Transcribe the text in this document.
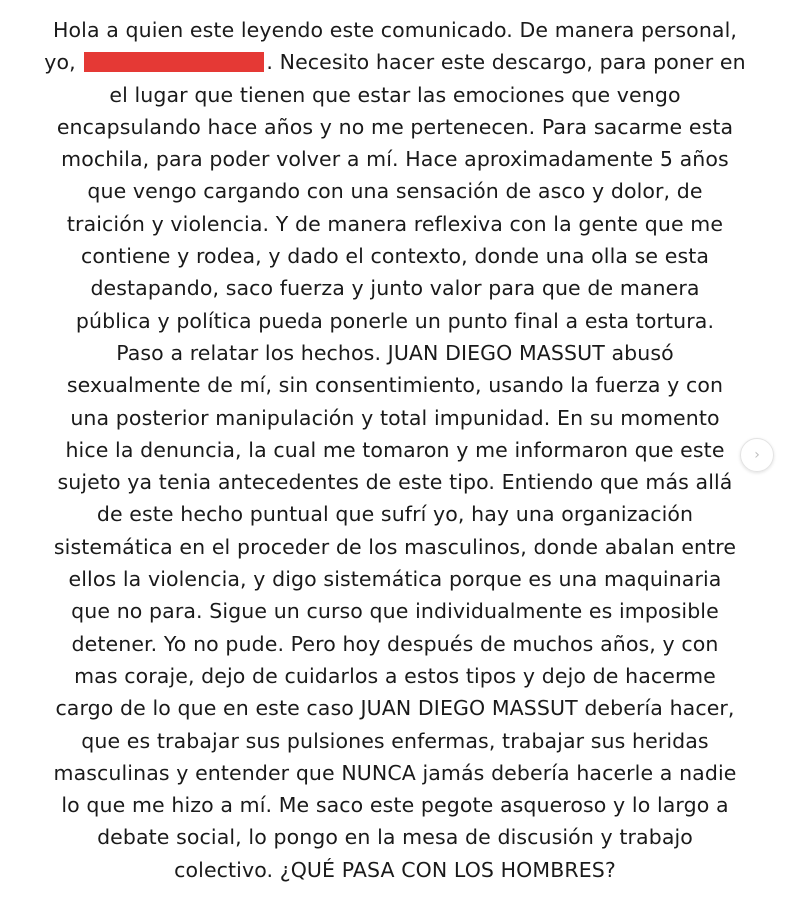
Hola a quien este leyendo este comunicado. De manera personal,
yo,	. Necesito hacer este descargo, para poner en
el lugar que tienen que estar las emociones que vengo
encapsulando hace años y no me pertenecen. Para sacarme esta
mochila, para poder volver a mí. Hace aproximadamente 5 años
que vengo cargando con una sensación de asco y dolor, de
traición y violencia. Y de manera reflexiva con la gente que me
contiene y rodea, y dado el contexto, donde una olla se esta
destapando, saco fuerza y junto valor para que de manera
pública y política pueda ponerle un punto final a esta tortura.
Paso a relatar los hechos. JUAN DIEGO MASSUT abusó
sexualmente de mí, sin consentimiento, usando la fuerza y con
una posterior manipulación y total impunidad. En su momento
hice la denuncia, la cual me tomaron y me informaron que este
sujeto ya tenia antecedentes de este tipo. Entiendo que más allá
de este hecho puntual que sufrí yo, hay una organización
sistemática en el proceder de los masculinos, donde abalan entre
ellos la violencia, y digo sistemática porque es una maquinaria
que no para. Sigue un curso que individualmente es imposible
detener. Yo no pude. Pero hoy después de muchos años, y con
mas coraje, dejo de cuidarlos a estos tipos y dejo de hacerme
cargo de lo que en este caso JUAN DIEGO MASSUT debería hacer,
que es trabajar sus pulsiones enfermas, trabajar sus heridas
masculinas y entender que NUNCA jamás debería hacerle a nadie
lo que me hizo a mí. Me saco este pegote asqueroso y lo largo a
debate social, lo pongo en la mesa de discusión y trabajo
colectivo. ¿QUÉ PASA CON LOS HOMBRES?
›
